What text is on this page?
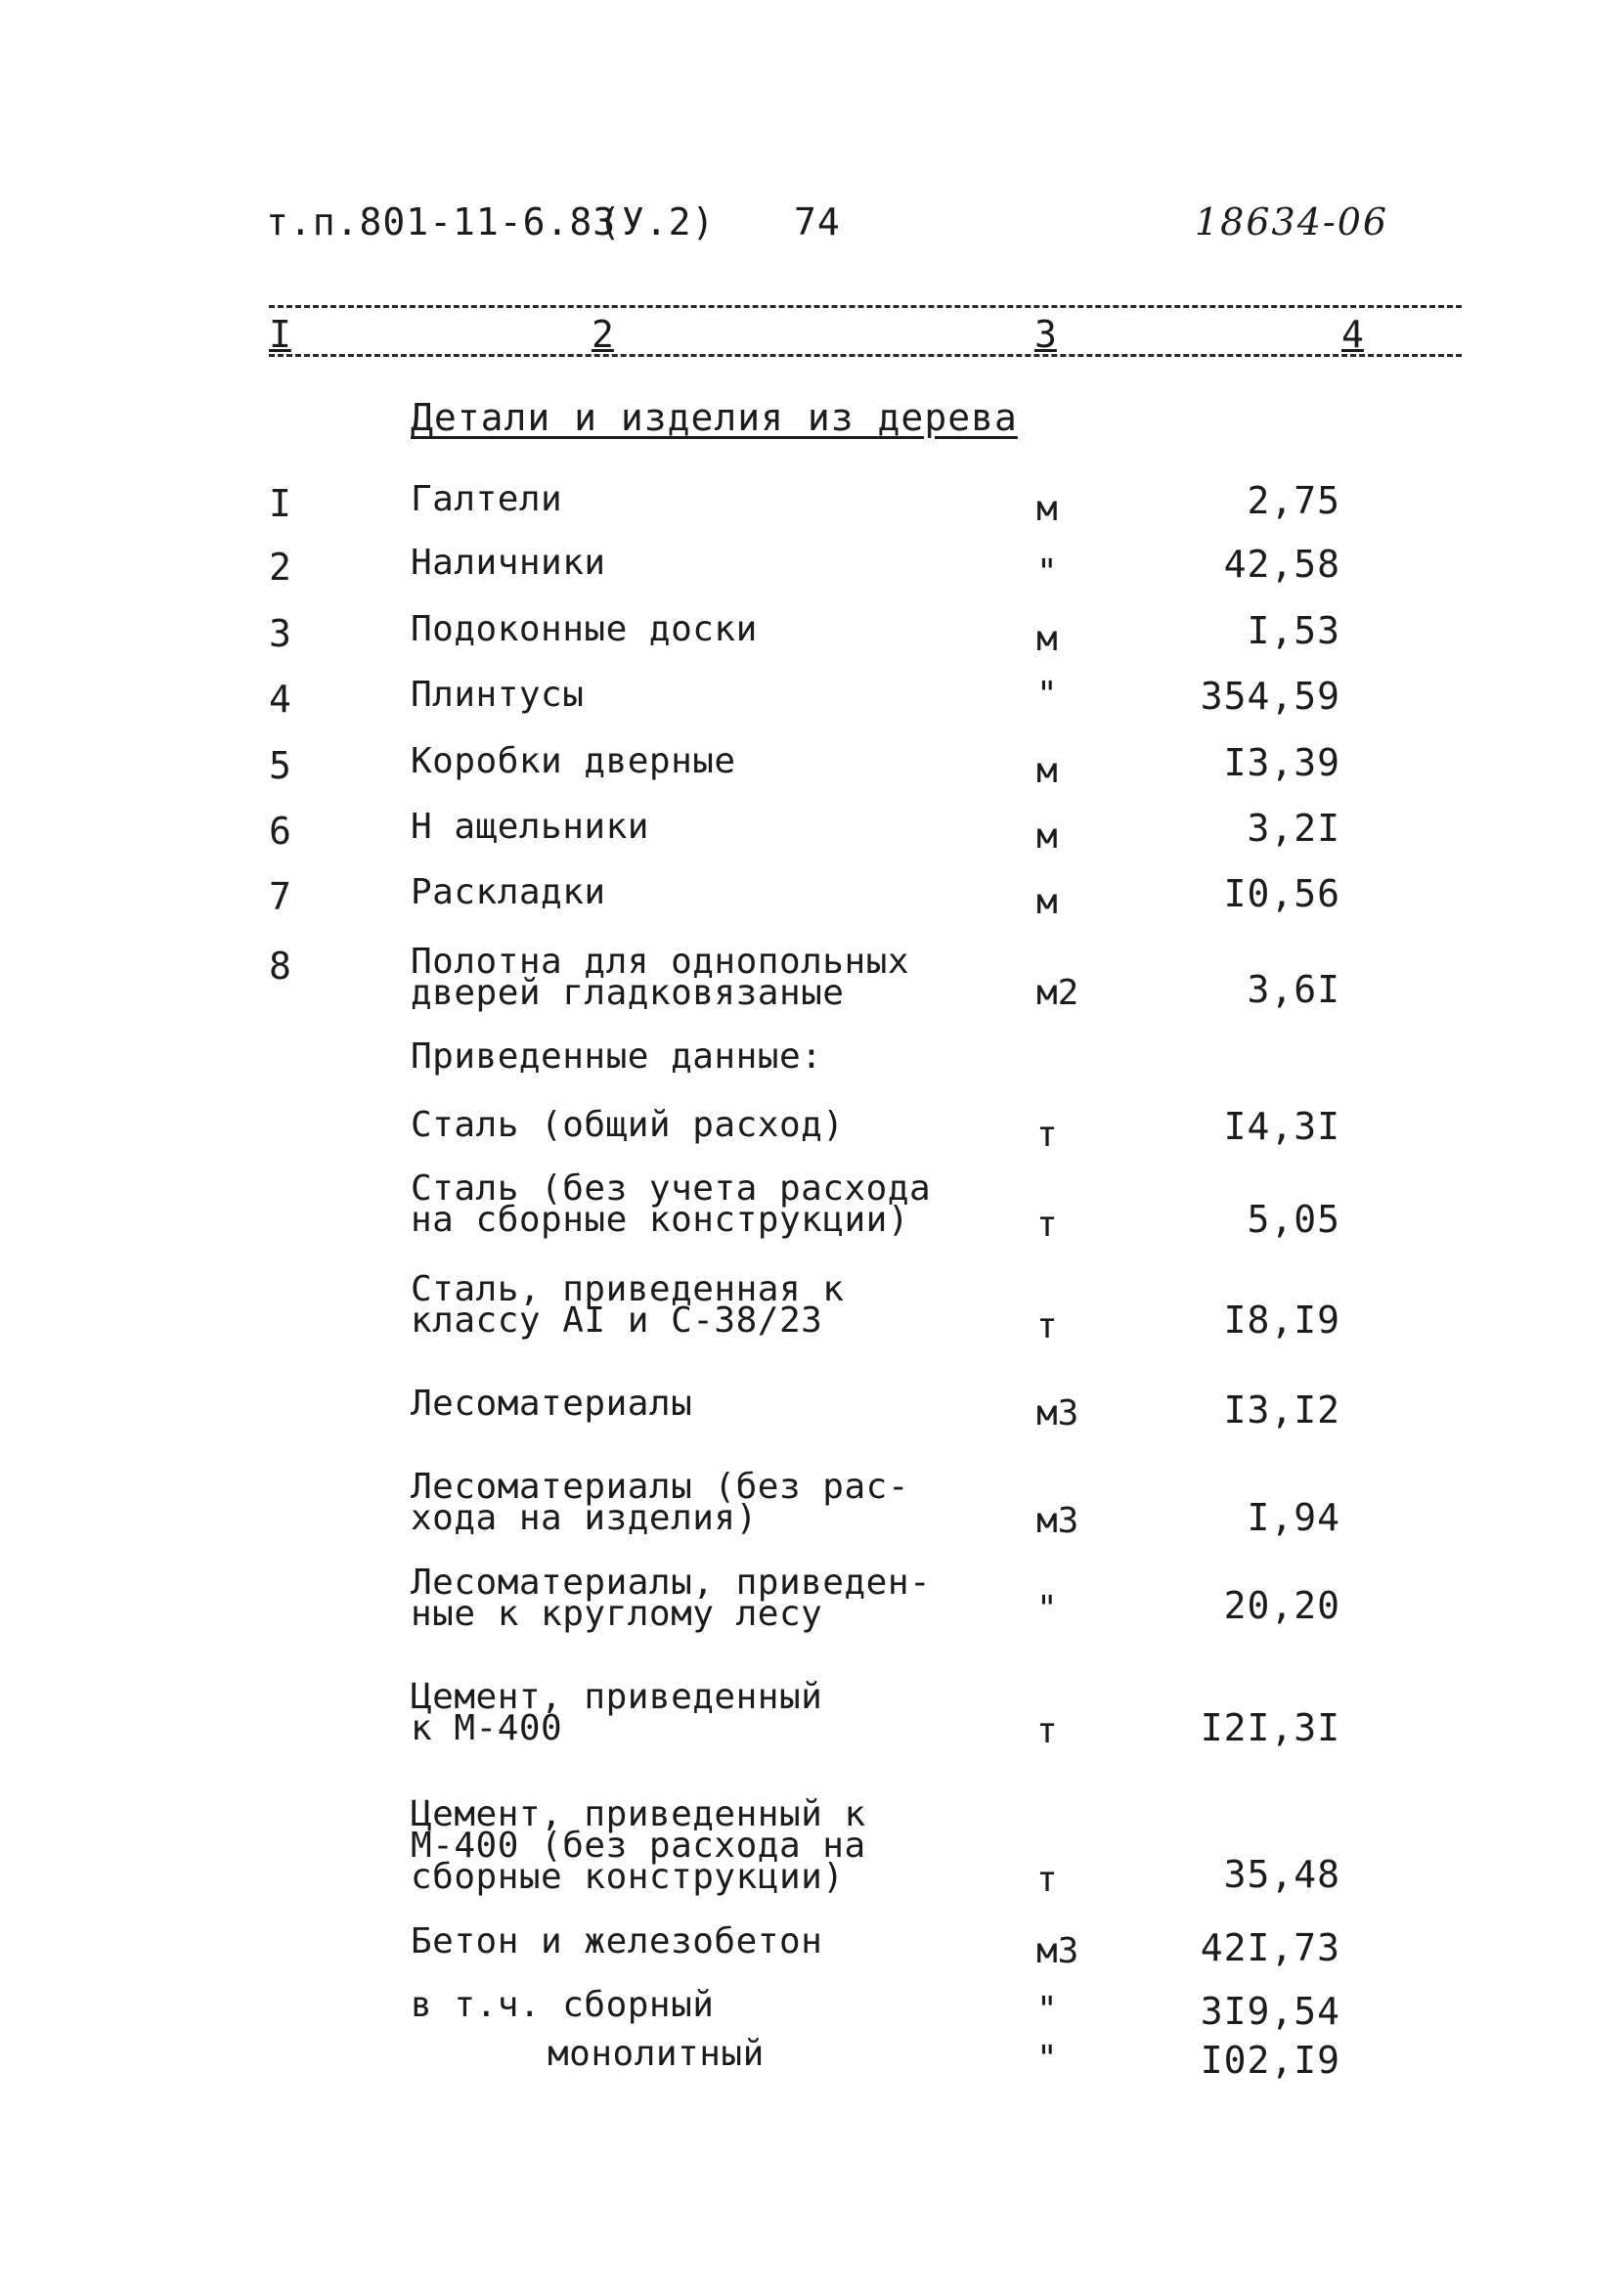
т.п.801-11-6.83
(У.2) 74	18634-06
I	2	3	4
Детали и изделия из дерева
I	Галтели	м	2,75
2	Наличники	"	42,58
3	Подоконные доски	м	I,53
4	Плинтусы	"	354,59
5	Коробки дверные	м	I3,39
6	Н ащельники	м	3,2I
7	Раскладки	м	I0,56
8	Полотна для однопольных
дверей гладковязаные	м2	3,6I
Приведенные данные:
Сталь (общий расход)	т	I4,3I
Сталь (без учета расхода
на сборные конструкции)	т	5,05
Сталь, приведенная к
классу АI и С-38/23	т	I8,I9
Лесоматериалы	м3	I3,I2
Лесоматериалы (без рас-
хода на изделия)	м3	I,94
Лесоматериалы, приведен-
ные к круглому лесу	"	20,20
Цемент, приведенный
к М-400	т	I2I,3I
Цемент, приведенный к
М-400 (без расхода на
сборные конструкции)	т	35,48
Бетон и железобетон	м3	42I,73
в т.ч. сборный	"	3I9,54
монолитный	"	I02,I9
